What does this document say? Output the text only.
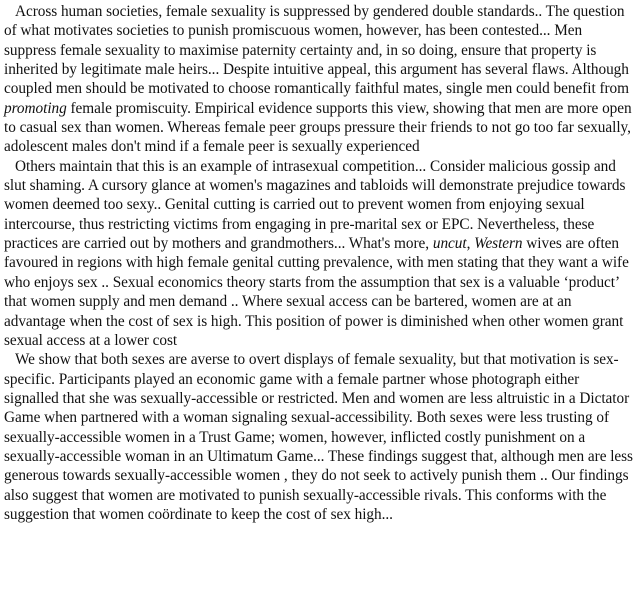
Across human societies, female sexuality is suppressed by gendered double standards.. The question of what motivates societies to punish promiscuous women, however, has been contested... Men suppress female sexuality to maximise paternity certainty and, in so doing, ensure that property is inherited by legitimate male heirs... Despite intuitive appeal, this argument has several flaws. Although coupled men should be motivated to choose romantically faithful mates, single men could benefit from promoting female promiscuity. Empirical evidence supports this view, showing that men are more open to casual sex than women. Whereas female peer groups pressure their friends to not go too far sexually, adolescent males don't mind if a female peer is sexually experienced

Others maintain that this is an example of intrasexual competition... Consider malicious gossip and slut shaming. A cursory glance at women's magazines and tabloids will demonstrate prejudice towards women deemed too sexy.. Genital cutting is carried out to prevent women from enjoying sexual intercourse, thus restricting victims from engaging in pre-marital sex or EPC. Nevertheless, these practices are carried out by mothers and grandmothers... What's more, uncut, Western wives are often favoured in regions with high female genital cutting prevalence, with men stating that they want a wife who enjoys sex .. Sexual economics theory starts from the assumption that sex is a valuable ‘product’ that women supply and men demand .. Where sexual access can be bartered, women are at an advantage when the cost of sex is high. This position of power is diminished when other women grant sexual access at a lower cost

We show that both sexes are averse to overt displays of female sexuality, but that motivation is sex-specific. Participants played an economic game with a female partner whose photograph either signalled that she was sexually-accessible or restricted. Men and women are less altruistic in a Dictator Game when partnered with a woman signaling sexual-accessibility. Both sexes were less trusting of sexually-accessible women in a Trust Game; women, however, inflicted costly punishment on a sexually-accessible woman in an Ultimatum Game... These findings suggest that, although men are less generous towards sexually-accessible women , they do not seek to actively punish them .. Our findings also suggest that women are motivated to punish sexually-accessible rivals. This conforms with the suggestion that women coördinate to keep the cost of sex high...
